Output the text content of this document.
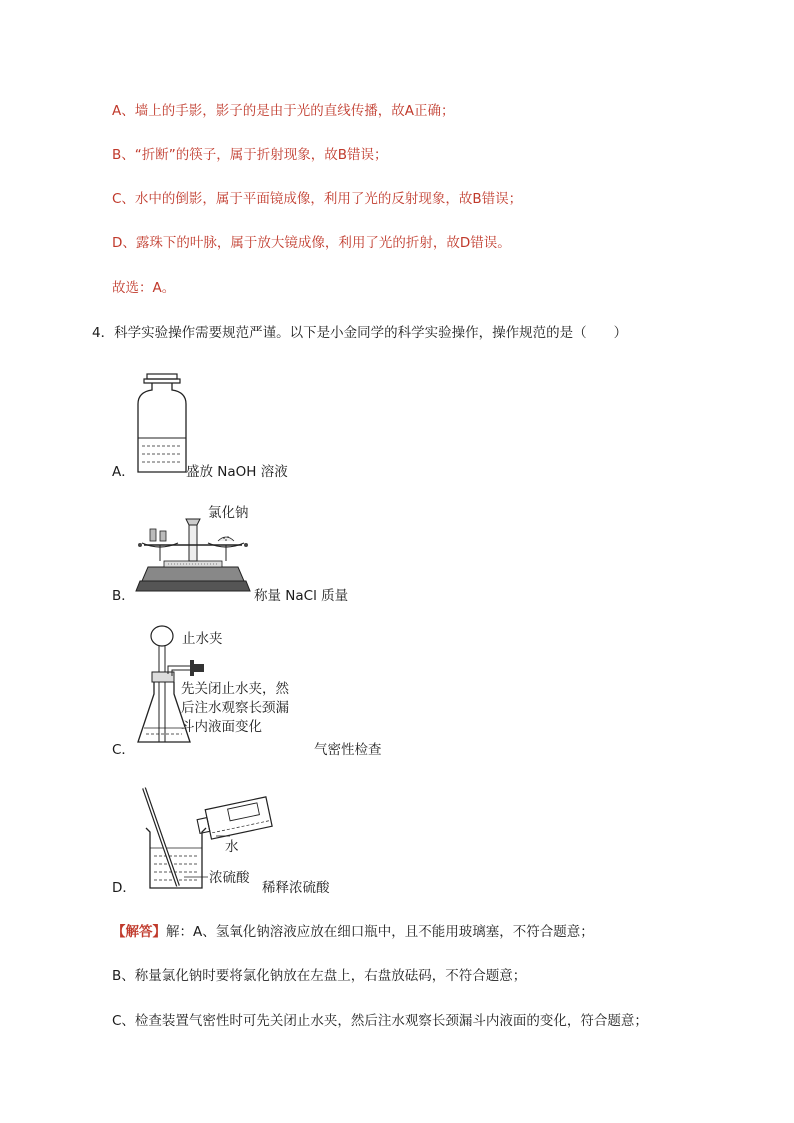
A、墙上的手影，影子的是由于光的直线传播，故A正确；
B、“折断”的筷子，属于折射现象，故B错误；
C、水中的倒影，属于平面镜成像，利用了光的反射现象，故B错误；
D、露珠下的叶脉，属于放大镜成像，利用了光的折射，故D错误。
故选：A。
4．科学实验操作需要规范严谨。以下是小金同学的科学实验操作，操作规范的是（　　）
A．	盛放 NaOH 溶液
B．
氯化钠
称量 NaCl 质量
C．
止水夹
先关闭止水夹，然
后注水观察长颈漏
斗内液面变化
气密性检查
D．
水
浓硫酸
稀释浓硫酸
【解答】解：A、氢氧化钠溶液应放在细口瓶中，且不能用玻璃塞，不符合题意；
B、称量氯化钠时要将氯化钠放在左盘上，右盘放砝码，不符合题意；
C、检查装置气密性时可先关闭止水夹，然后注水观察长颈漏斗内液面的变化，符合题意；
